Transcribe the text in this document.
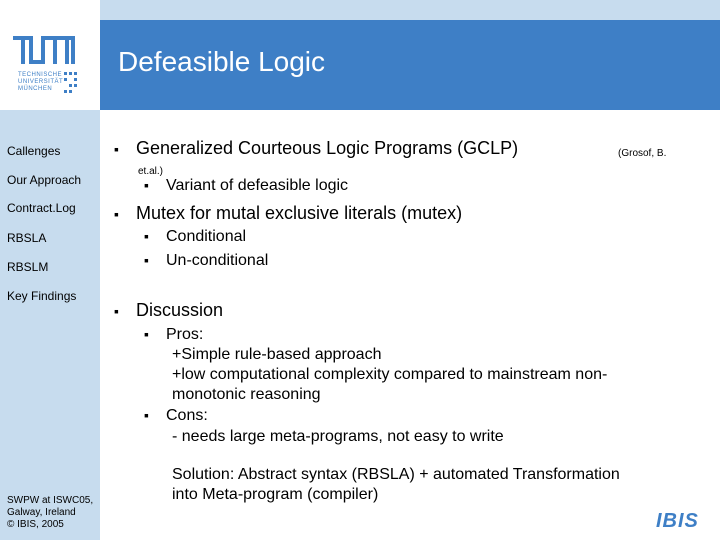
TECHNISCHE
UNIVERSITÄT
MÜNCHEN
Defeasible Logic
Callenges
Our Approach
Contract.Log
RBSLA
RBSLM
Key Findings
SWPW at ISWC05,
Galway, Ireland
© IBIS, 2005
▪ Generalized Courteous Logic Programs (GCLP)	(Grosof, B.
et.al.)
▪ Variant of defeasible logic
▪ Mutex for mutal exclusive literals (mutex)
▪ Conditional
▪ Un-conditional
▪ Discussion
▪ Pros:
+Simple rule-based approach
+low computational complexity compared to mainstream non-
monotonic reasoning
▪ Cons:
- needs large meta-programs, not easy to write
Solution: Abstract syntax (RBSLA) + automated Transformation
into Meta-program (compiler)
IBIS
